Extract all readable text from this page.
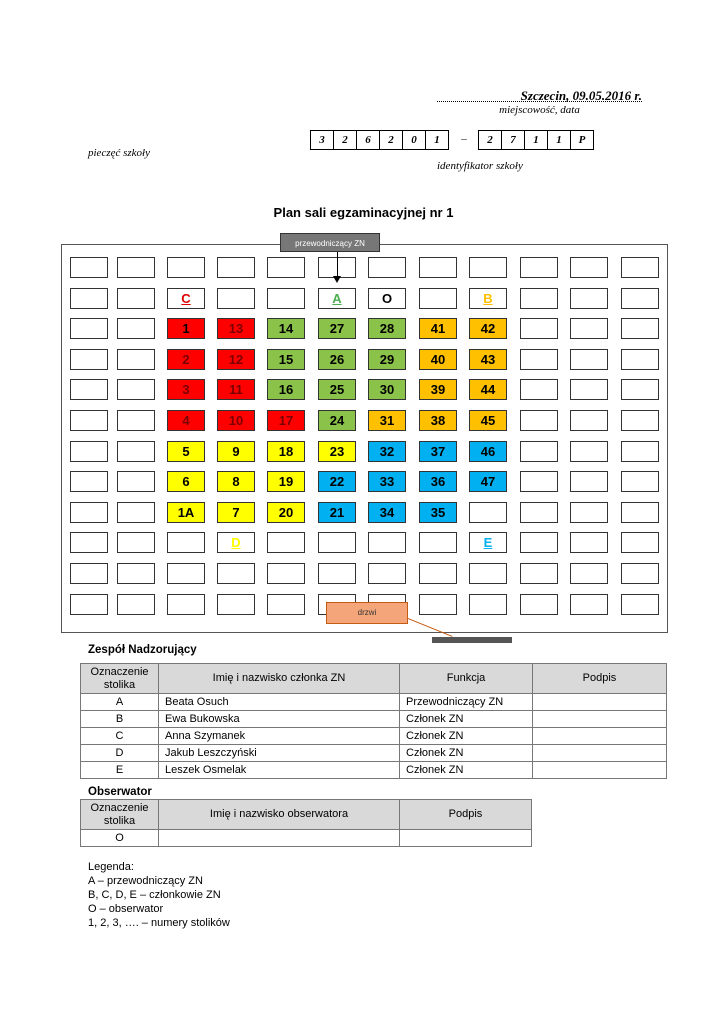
Szczecin, 09.05.2016 r.
miejscowość, data
pieczęć szkoły
3	2	6	2	0	1	–	2	7	1	1	P
identyfikator szkoły
Plan sali egzaminacyjnej nr 1
C	A	O	B
1	13	14	27	28	41	42
2	12	15	26	29	40	43
3	11	16	25	30	39	44
4	10	17	24	31	38	45
5	9	18	23	32	37	46
6	8	19	22	33	36	47
1A	7	20	21	34	35
D	E
przewodniczący ZN
drzwi
Zespół Nadzorujący
Oznaczenie stolika	Imię i nazwisko członka ZN	Funkcja	Podpis
A	Beata Osuch	Przewodniczący ZN	
B	Ewa Bukowska	Członek ZN	
C	Anna Szymanek	Członek ZN	
D	Jakub Leszczyński	Członek ZN	
E	Leszek Osmelak	Członek ZN	
Obserwator
Oznaczenie stolika	Imię i nazwisko obserwatora	Podpis
O		
Legenda:
A – przewodniczący ZN
B, C, D, E – członkowie ZN
O – obserwator
1, 2, 3, …. – numery stolików
